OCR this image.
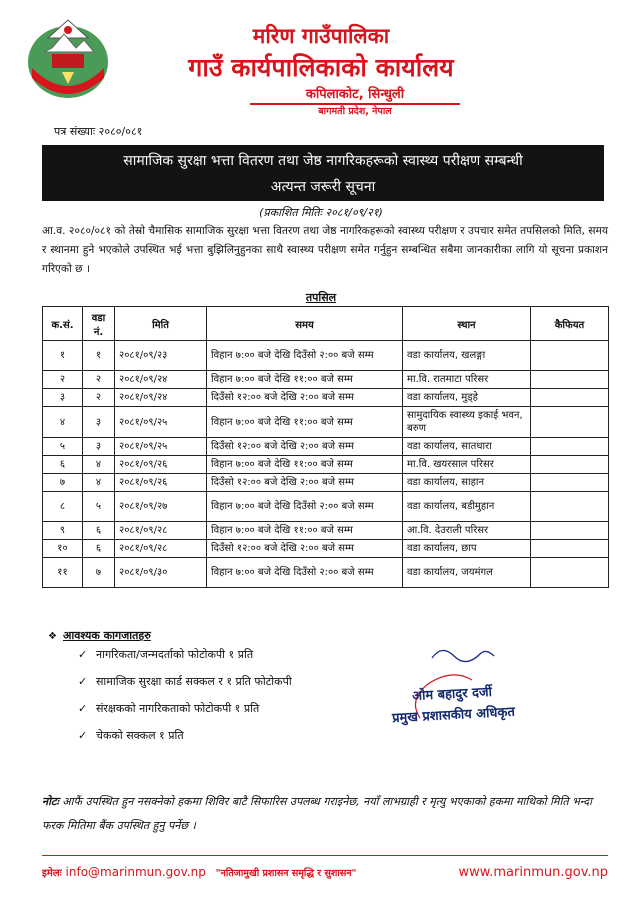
मरिण गाउँपालिका
गाउँ कार्यपालिकाको कार्यालय
कपिलाकोट, सिन्धुली
बागमती प्रदेश, नेपाल
पत्र संख्याः २०८०/०८१
सामाजिक सुरक्षा भत्ता वितरण तथा जेष्ठ नागरिकहरूको स्वास्थ्य परीक्षण सम्बन्धी
अत्यन्त जरूरी सूचना
(प्रकाशित मितिः २०८१/०९/२१)
आ.व. २०८०/०८१ को तेस्रो चैमासिक सामाजिक सुरक्षा भत्ता वितरण तथा जेष्ठ नागरिकहरूको स्वास्थ्य परीक्षण र उपचार समेत तपसिलको मिति, समय र स्थानमा हुने भएकोले उपस्थित भई भत्ता बुझिलिनुहुनका साथै स्वास्थ्य परीक्षण समेत गर्नुहुन सम्बन्धित सबैमा जानकारीका लागि यो सूचना प्रकाशन गरिएको छ ।
तपसिल
क.सं.	वडा नं.	मिति	समय	स्थान	कैफियत
१	१	२०८१/०९/२३	विहान ७:०० बजे देखि दिउँसो २:०० बजे सम्म	वडा कार्यालय, खलङ्गा	
२	२	२०८१/०९/२४	विहान ७:०० बजे देखि ११:०० बजे सम्म	मा.वि. रातमाटा परिसर	
३	२	२०८१/०९/२४	दिउँसो १२:०० बजे देखि २:०० बजे सम्म	वडा कार्यालय, मुड्हे	
४	३	२०८१/०९/२५	विहान ७:०० बजे देखि ११:०० बजे सम्म	सामुदायिक स्वास्थ्य इकाई भवन, बरुण	
५	३	२०८१/०९/२५	दिउँसो १२:०० बजे देखि २:०० बजे सम्म	वडा कार्यालय, सातधारा	
६	४	२०८१/०९/२६	विहान ७:०० बजे देखि ११:०० बजे सम्म	मा.वि. खयरसाल परिसर	
७	४	२०८१/०९/२६	दिउँसो १२:०० बजे देखि २:०० बजे सम्म	वडा कार्यालय, साहान	
८	५	२०८१/०९/२७	विहान ७:०० बजे देखि दिउँसो २:०० बजे सम्म	वडा कार्यालय, बडीमुहान	
९	६	२०८१/०९/२८	विहान ७:०० बजे देखि ११:०० बजे सम्म	आ.वि. देउराली परिसर	
१०	६	२०८१/०९/२८	दिउँसो १२:०० बजे देखि २:०० बजे सम्म	वडा कार्यालय, छाप	
११	७	२०८१/०९/३०	विहान ७:०० बजे देखि दिउँसो २:०० बजे सम्म	वडा कार्यालय, जयमंगल	
❖ आवश्यक कागजातहरु
✓ नागरिकता/जन्मदर्ताको फोटोकपी १ प्रति
✓ सामाजिक सुरक्षा कार्ड सक्कल र १ प्रति फोटोकपी
✓ संरक्षकको नागरिकताको फोटोकपी १ प्रति
✓ चेकको सक्कल १ प्रति
ओम बहादुर दर्जी
प्रमुख प्रशासकीय अधिकृत
नोटः आफैं उपस्थित हुन नसक्नेको हकमा शिविर बाटै सिफारिस उपलब्ध गराइनेछ, नयाँ लाभग्राही र मृत्यु भएकाको हकमा माथिको मिति भन्दा फरक मितिमा बैंक उपस्थित हुनु पर्नेछ ।
इमेलः info@marinmun.gov.np "नतिजामुखी प्रशासन समृद्धि र सुशासन"	www.marinmun.gov.np
